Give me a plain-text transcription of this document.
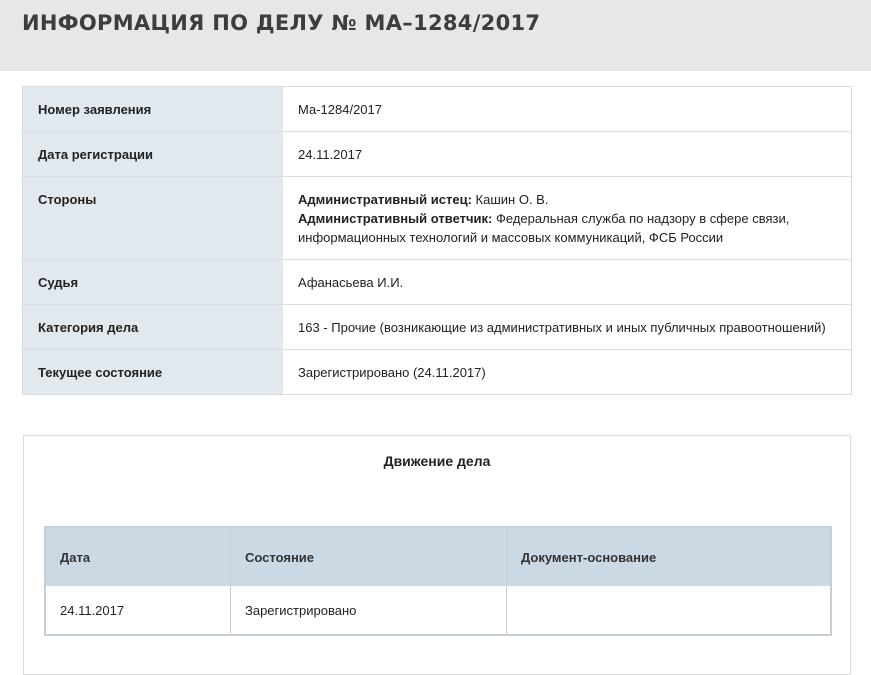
ИНФОРМАЦИЯ ПО ДЕЛУ № МА–1284/2017
Номер заявления	Ма-1284/2017
Дата регистрации	24.11.2017
Стороны	Административный истец: Кашин О. В.
Административный ответчик: Федеральная служба по надзору в сфере связи, информационных технологий и массовых коммуникаций, ФСБ России
Судья	Афанасьева И.И.
Категория дела	163 - Прочие (возникающие из административных и иных публичных правоотношений)
Текущее состояние	Зарегистрировано (24.11.2017)
Движение дела
Дата	Состояние	Документ-основание
24.11.2017	Зарегистрировано
